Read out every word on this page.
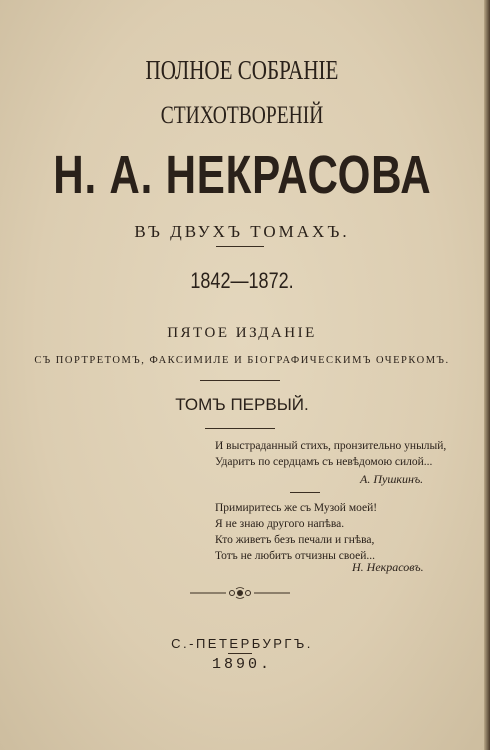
ПОЛНОЕ СОБРАНІЕ
СТИХОТВОРЕНІЙ
Н. А. НЕКРАСОВА
ВЪ ДВУХЪ ТОМАХЪ.
1842—1872.
ПЯТОЕ ИЗДАНІЕ
СЪ ПОРТРЕТОМЪ, ФАКСИМИЛЕ И БІОГРАФИЧЕСКИМЪ ОЧЕРКОМЪ.
ТОМЪ ПЕРВЫЙ.
И выстраданный стихъ, пронзительно унылый,
Ударитъ по сердцамъ съ невѣдомою силой...
А. Пушкинъ.
Примиритесь же съ Музой моей!
Я не знаю другого напѣва.
Кто живетъ безъ печали и гнѣва,
Тотъ не любитъ отчизны своей...
Н. Некрасовъ.
С.-ПЕТЕРБУРГЪ.
1890.
